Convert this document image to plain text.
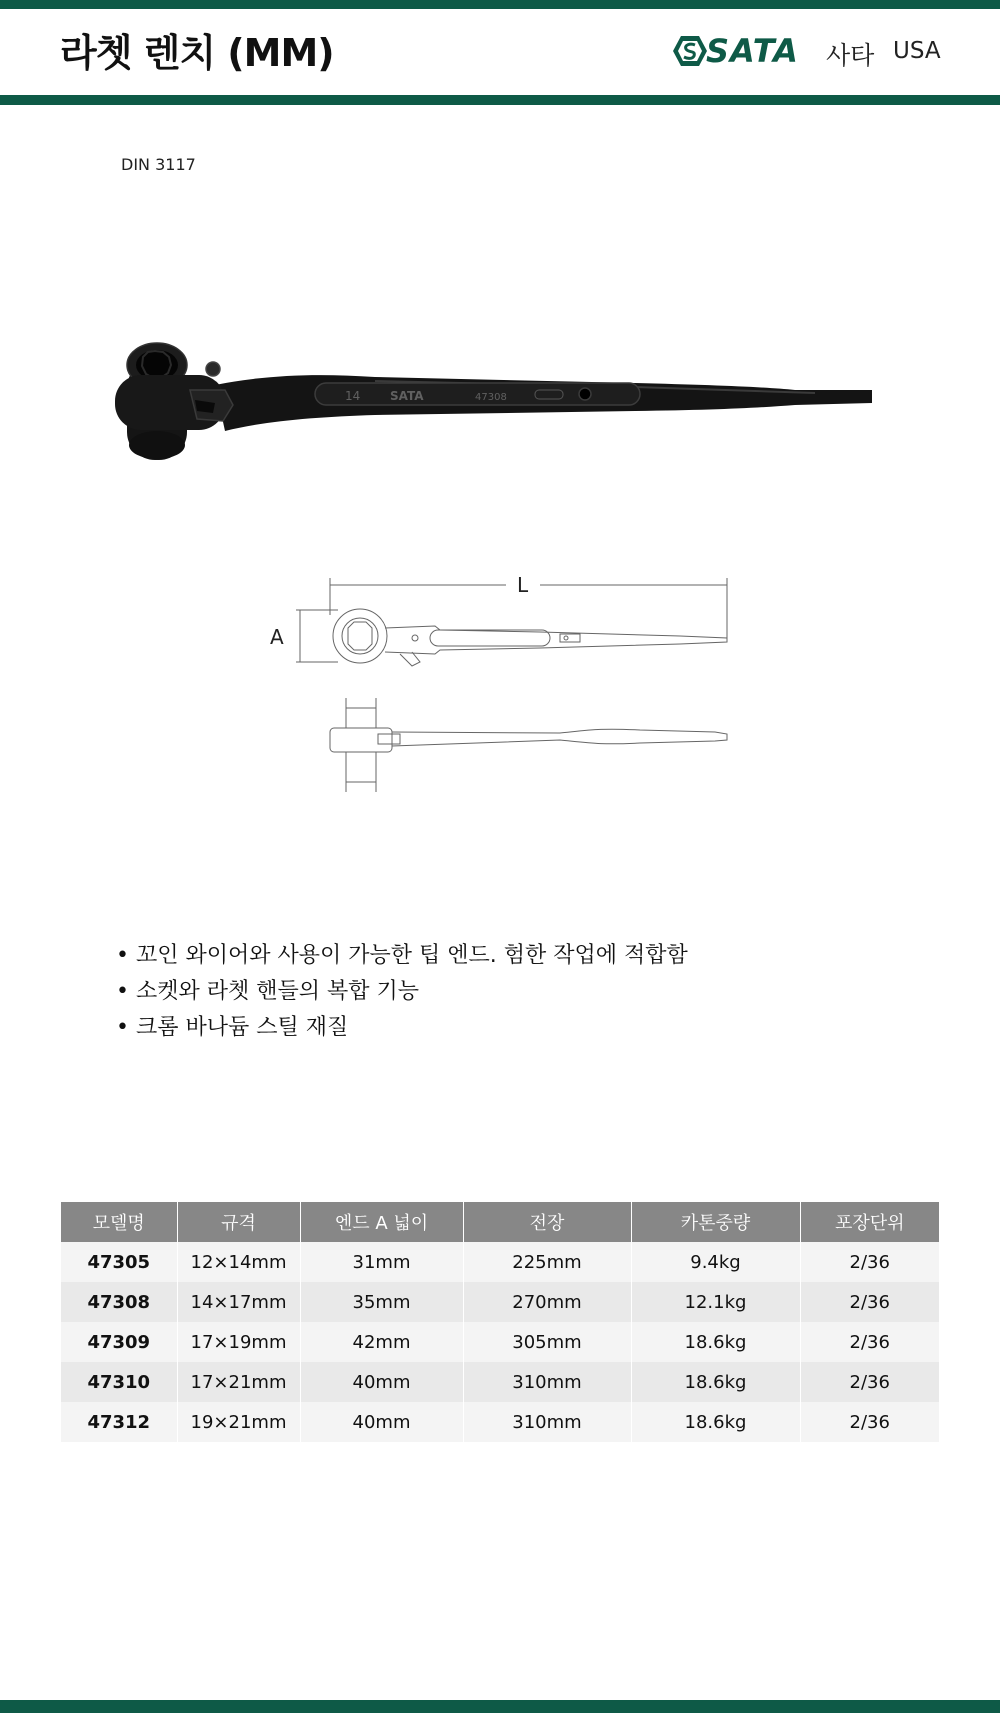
라쳇 렌치 (MM)	SATA 사타 USA
DIN 3117
14 SATA	47308
L
A
• 꼬인 와이어와 사용이 가능한 팁 엔드. 험한 작업에 적합함
• 소켓와 라쳇 핸들의 복합 기능
• 크롬 바나듐 스틸 재질
모델명	규격	엔드 A 넓이	전장	카톤중량	포장단위
47305	12×14mm	31mm	225mm	9.4kg	2/36
47308	14×17mm	35mm	270mm	12.1kg	2/36
47309	17×19mm	42mm	305mm	18.6kg	2/36
47310	17×21mm	40mm	310mm	18.6kg	2/36
47312	19×21mm	40mm	310mm	18.6kg	2/36
